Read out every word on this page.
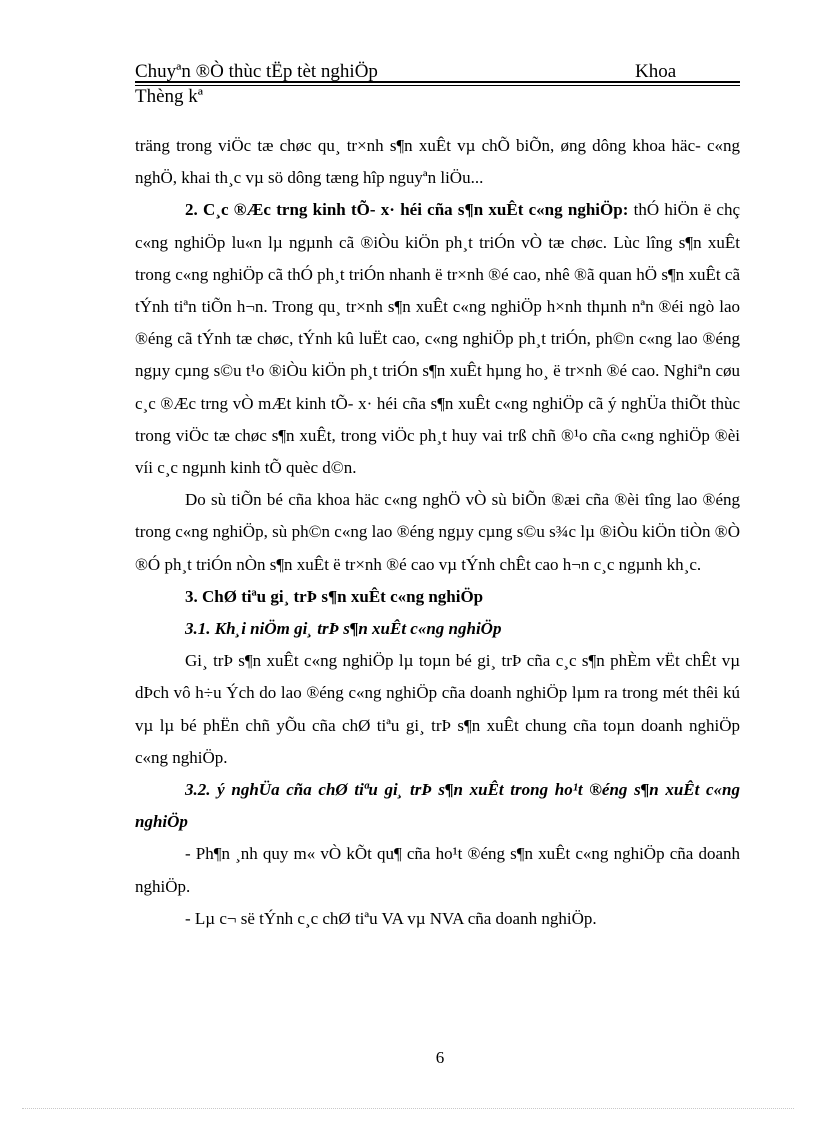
Chuyªn ®Ò thùc tËp tèt nghiÖp	Khoa
Thèng kª

träng trong viÖc tæ chøc qu¸ tr×nh s¶n xuÊt vµ chÕ biÕn, øng dông khoa häc- c«ng nghÖ, khai th¸c vµ sö dông tæng hîp nguyªn liÖu...

2. C¸c ®Æc trng kinh tÕ- x· héi cña s¶n xuÊt c«ng nghiÖp: thÓ hiÖn ë chç c«ng nghiÖp lu«n lµ ngµnh cã ®iÒu kiÖn ph¸t triÓn vÒ tæ chøc. Lùc lîng s¶n xuÊt trong c«ng nghiÖp cã thÓ ph¸t triÓn nhanh ë tr×nh ®é cao, nhê ®ã quan hÖ s¶n xuÊt cã tÝnh tiªn tiÕn h¬n. Trong qu¸ tr×nh s¶n xuÊt c«ng nghiÖp h×nh thµnh nªn ®éi ngò lao ®éng cã tÝnh tæ chøc, tÝnh kû luËt cao, c«ng nghiÖp ph¸t triÓn, ph©n c«ng lao ®éng ngµy cµng s©u t¹o ®iÒu kiÖn ph¸t triÓn s¶n xuÊt hµng ho¸ ë tr×nh ®é cao. Nghiªn cøu c¸c ®Æc trng vÒ mÆt kinh tÕ- x· héi cña s¶n xuÊt c«ng nghiÖp cã ý nghÜa thiÕt thùc trong viÖc tæ chøc s¶n xuÊt, trong viÖc ph¸t huy vai trß chñ ®¹o cña c«ng nghiÖp ®èi víi c¸c ngµnh kinh tÕ quèc d©n.

Do sù tiÕn bé cña khoa häc c«ng nghÖ vÒ sù biÕn ®æi cña ®èi tîng lao ®éng trong c«ng nghiÖp, sù ph©n c«ng lao ®éng ngµy cµng s©u s¾c lµ ®iÒu kiÖn tiÒn ®Ò ®Ó ph¸t triÓn nÒn s¶n xuÊt ë tr×nh ®é cao vµ tÝnh chÊt cao h¬n c¸c ngµnh kh¸c.

3. ChØ tiªu gi¸ trÞ s¶n xuÊt c«ng nghiÖp

3.1. Kh¸i niÖm gi¸ trÞ s¶n xuÊt c«ng nghiÖp

Gi¸ trÞ s¶n xuÊt c«ng nghiÖp lµ toµn bé gi¸ trÞ cña c¸c s¶n phÈm vËt chÊt vµ dÞch vô h÷u Ých do lao ®éng c«ng nghiÖp cña doanh nghiÖp lµm ra trong mét thêi kú vµ lµ bé phËn chñ yÕu cña chØ tiªu gi¸ trÞ s¶n xuÊt chung cña toµn doanh nghiÖp c«ng nghiÖp.

3.2. ý nghÜa cña chØ tiªu gi¸ trÞ s¶n xuÊt trong ho¹t ®éng s¶n xuÊt c«ng nghiÖp

- Ph¶n ¸nh quy m« vÒ kÕt qu¶ cña ho¹t ®éng s¶n xuÊt c«ng nghiÖp cña doanh nghiÖp.

- Lµ c¬ së tÝnh c¸c chØ tiªu VA vµ NVA cña doanh nghiÖp.

6
